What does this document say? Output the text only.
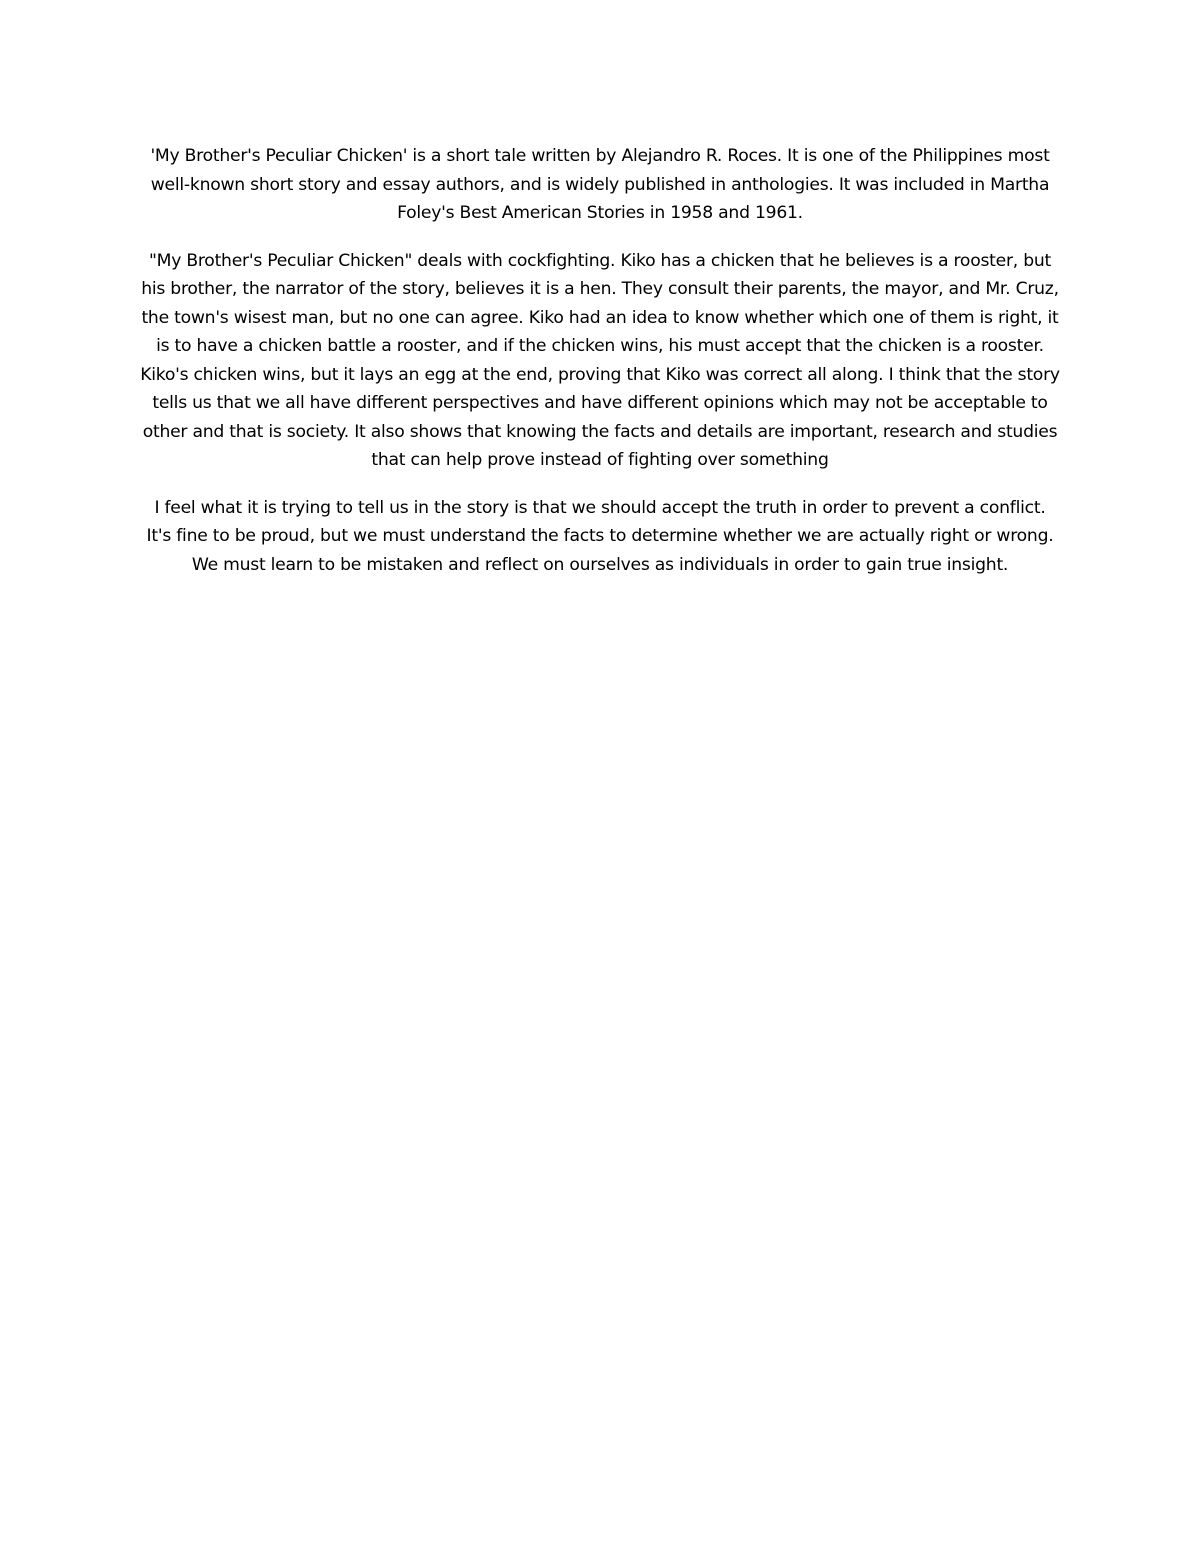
'My Brother's Peculiar Chicken' is a short tale written by Alejandro R. Roces. It is one of the Philippines most well-known short story and essay authors, and is widely published in anthologies. It was included in Martha Foley's Best American Stories in 1958 and 1961.

"My Brother's Peculiar Chicken" deals with cockfighting. Kiko has a chicken that he believes is a rooster, but his brother, the narrator of the story, believes it is a hen. They consult their parents, the mayor, and Mr. Cruz, the town's wisest man, but no one can agree. Kiko had an idea to know whether which one of them is right, it is to have a chicken battle a rooster, and if the chicken wins, his must accept that the chicken is a rooster. Kiko's chicken wins, but it lays an egg at the end, proving that Kiko was correct all along. I think that the story tells us that we all have different perspectives and have different opinions which may not be acceptable to other and that is society. It also shows that knowing the facts and details are important, research and studies that can help prove instead of fighting over something

I feel what it is trying to tell us in the story is that we should accept the truth in order to prevent a conflict. It's fine to be proud, but we must understand the facts to determine whether we are actually right or wrong. We must learn to be mistaken and reflect on ourselves as individuals in order to gain true insight.
